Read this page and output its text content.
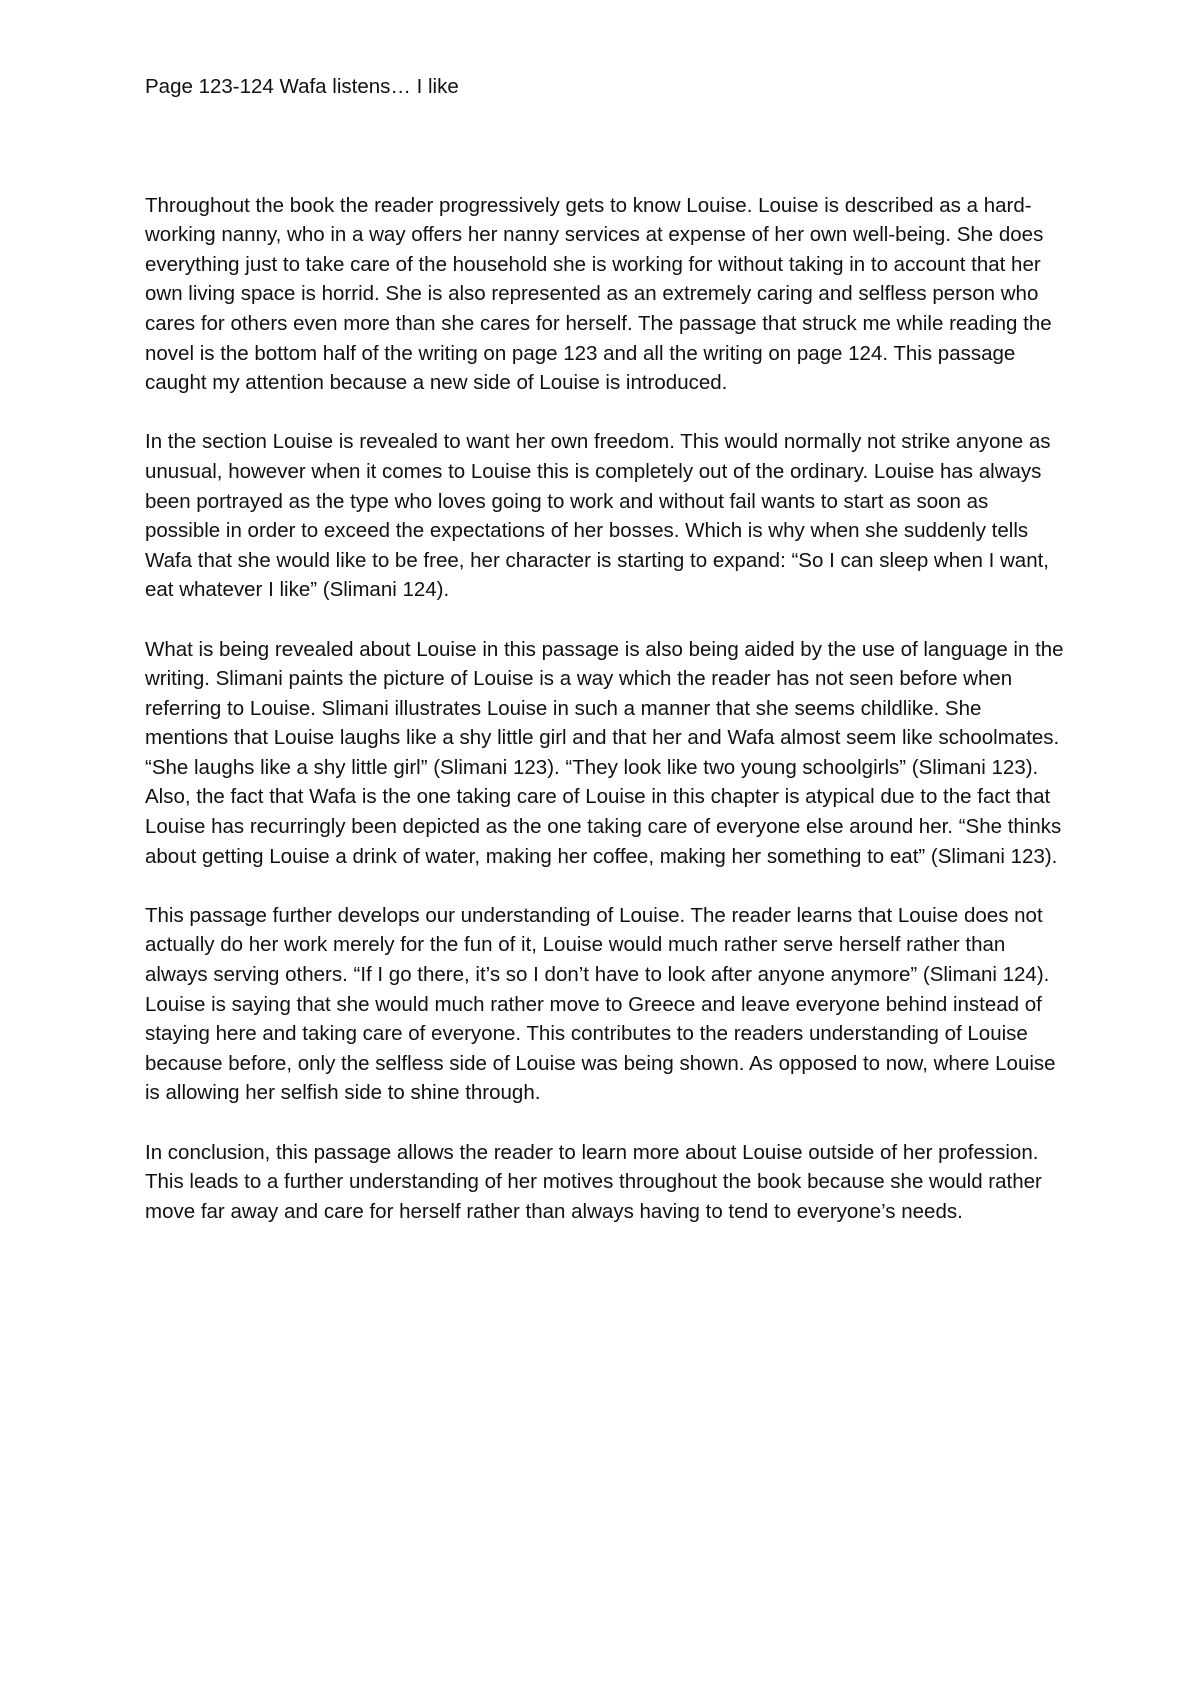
Page 123-124 Wafa listens… I like

Throughout the book the reader progressively gets to know Louise. Louise is described as a hard-working nanny, who in a way offers her nanny services at expense of her own well-being. She does everything just to take care of the household she is working for without taking in to account that her own living space is horrid. She is also represented as an extremely caring and selfless person who cares for others even more than she cares for herself. The passage that struck me while reading the novel is the bottom half of the writing on page 123 and all the writing on page 124. This passage caught my attention because a new side of Louise is introduced.

In the section Louise is revealed to want her own freedom. This would normally not strike anyone as unusual, however when it comes to Louise this is completely out of the ordinary. Louise has always been portrayed as the type who loves going to work and without fail wants to start as soon as possible in order to exceed the expectations of her bosses. Which is why when she suddenly tells Wafa that she would like to be free, her character is starting to expand: “So I can sleep when I want, eat whatever I like” (Slimani 124).

What is being revealed about Louise in this passage is also being aided by the use of language in the writing. Slimani paints the picture of Louise is a way which the reader has not seen before when referring to Louise. Slimani illustrates Louise in such a manner that she seems childlike. She mentions that Louise laughs like a shy little girl and that her and Wafa almost seem like schoolmates. “She laughs like a shy little girl” (Slimani 123). “They look like two young schoolgirls” (Slimani 123). Also, the fact that Wafa is the one taking care of Louise in this chapter is atypical due to the fact that Louise has recurringly been depicted as the one taking care of everyone else around her. “She thinks about getting Louise a drink of water, making her coffee, making her something to eat” (Slimani 123).

This passage further develops our understanding of Louise. The reader learns that Louise does not actually do her work merely for the fun of it, Louise would much rather serve herself rather than always serving others. “If I go there, it’s so I don’t have to look after anyone anymore” (Slimani 124). Louise is saying that she would much rather move to Greece and leave everyone behind instead of staying here and taking care of everyone. This contributes to the readers understanding of Louise because before, only the selfless side of Louise was being shown. As opposed to now, where Louise is allowing her selfish side to shine through.

In conclusion, this passage allows the reader to learn more about Louise outside of her profession. This leads to a further understanding of her motives throughout the book because she would rather move far away and care for herself rather than always having to tend to everyone’s needs.
